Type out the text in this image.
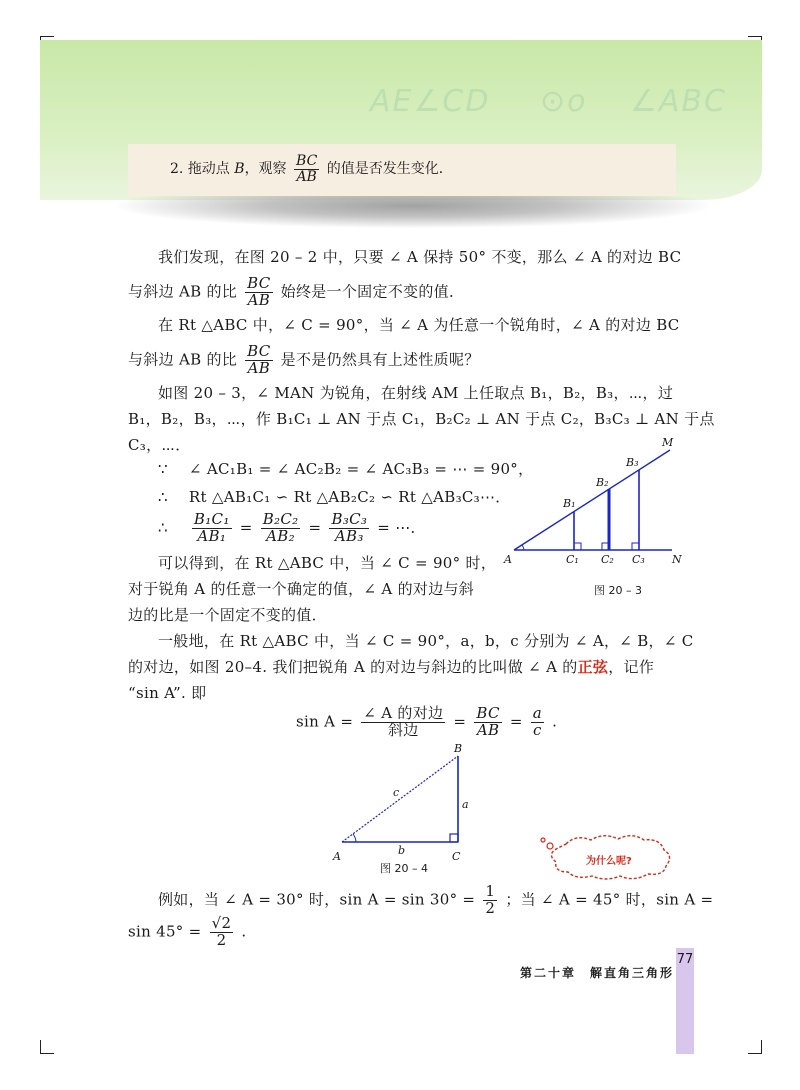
AE∠CD ⊙o ∠ABC
2. 拖动点 B，观察 $\frac{BC}{AB}$ 的值是否发生变化．
我们发现，在图 20 – 2 中，只要 ∠ A 保持 50° 不变，那么 ∠ A 的对边 BC
与斜边 AB 的比 $\frac{BC}{AB}$ 始终是一个固定不变的值．
在 Rt △ABC 中，∠ C = 90°，当 ∠ A 为任意一个锐角时，∠ A 的对边 BC
与斜边 AB 的比 $\frac{BC}{AB}$ 是不是仍然具有上述性质呢？
如图 20 – 3，∠ MAN 为锐角，在射线 AM 上任取点 B₁，B₂，B₃，⋯，过
B₁，B₂，B₃，⋯，作 B₁C₁ ⊥ AN 于点 C₁，B₂C₂ ⊥ AN 于点 C₂，B₃C₃ ⊥ AN 于点
C₃，⋯．
∵ ∠ AC₁B₁ = ∠ AC₂B₂ = ∠ AC₃B₃ = ⋯ = 90°，
∴ Rt △AB₁C₁ ∽ Rt △AB₂C₂ ∽ Rt △AB₃C₃⋯．
∴ $\frac{\text{B₁C₁}}{\text{AB₁}} = \frac{\text{B₂C₂}}{\text{AB₂}} = \frac{\text{B₃C₃}}{\text{AB₃}}$ = ⋯．
可以得到，在 Rt △ABC 中，当 ∠ C = 90° 时，
对于锐角 A 的任意一个确定的值，∠ A 的对边与斜
边的比是一个固定不变的值．
M
B₃
B₂
B₁
A	C₁ C₂ C₃ N
图 20 – 3
一般地，在 Rt △ABC 中，当 ∠ C = 90°，a，b，c 分别为 ∠ A，∠ B，∠ C
的对边，如图 20–4. 我们把锐角 A 的对边与斜边的比叫做 ∠ A 的正弦，记作
“sin A”. 即
$\sin A = \frac{\text{∠ A 的对边}}{\text{斜边}} = \frac{BC}{AB} = \frac{a}{c}$ .
B
c
a
b
A	C
图 20 – 4
为什么呢?
例如，当 ∠ A = 30° 时，$\sin A = \sin 30^\circ = \frac{1}{2}$ ；当 ∠ A = 45° 时，sin A =
$\sin 45^\circ = \frac{√2}{2}$ .
77
第二十章　解直角三角形
